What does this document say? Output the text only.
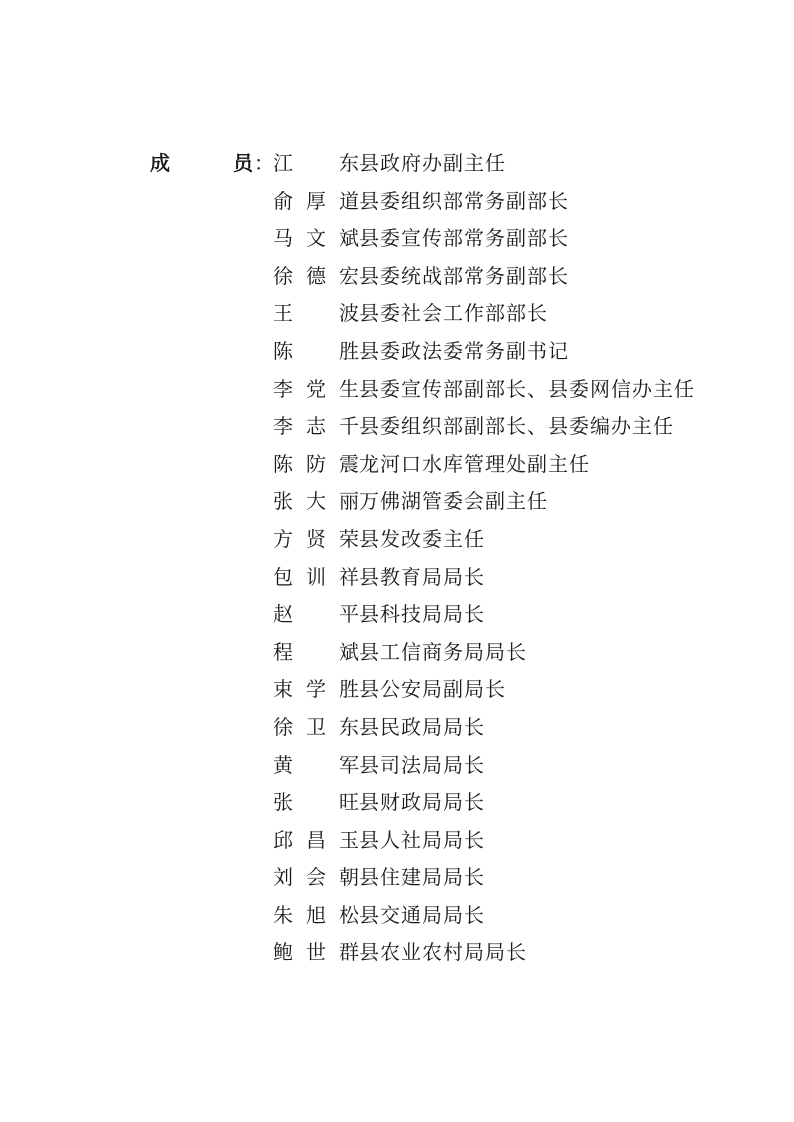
成	员 ： 江 东 县政府办副主任
俞厚道县委组织部常务副部长
马文斌县委宣传部常务副部长
徐德宏县委统战部常务副部长
王 波 县委社会工作部部长
陈 胜 县委政法委常务副书记
李党生县委宣传部副部长、县委网信办主任
李志千县委组织部副部长、县委编办主任
陈防震龙河口水库管理处副主任
张大丽万佛湖管委会副主任
方贤荣县发改委主任
包训祥县教育局局长
赵 平 县科技局局长
程 斌 县工信商务局局长
束学胜县公安局副局长
徐卫东县民政局局长
黄 军 县司法局局长
张 旺 县财政局局长
邱昌玉县人社局局长
刘会朝县住建局局长
朱旭松县交通局局长
鲍世群县农业农村局局长
